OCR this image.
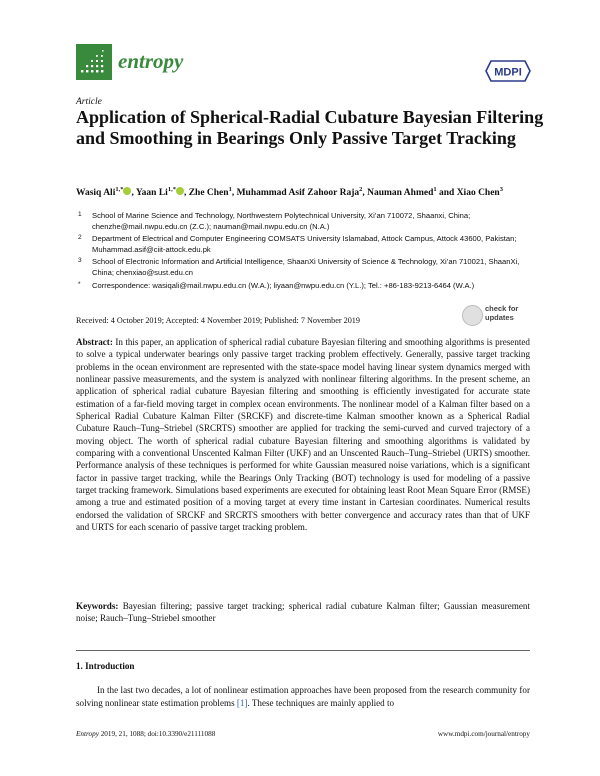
entropy	MDPI
Article
Application of Spherical-Radial Cubature Bayesian Filtering and Smoothing in Bearings Only Passive Target Tracking
Wasiq Ali$^{1,*}$ , Yaan $Li^{1,*}$ , Zhe Chen$^1$, Muhammad Asif Zahoor Raja$^2$, Nauman Ahmed$^1$ and Xiao Chen$^3$
1 School of Marine Science and Technology, Northwestern Polytechnical University, Xi’an 710072, Shaanxi, China; chenzhe@mail.nwpu.edu.cn (Z.C.); nauman@mail.nwpu.edu.cn (N.A.)
2 Department of Electrical and Computer Engineering COMSATS University Islamabad, Attock Campus, Attock 43600, Pakistan; Muhammad.asif@ciit-attock.edu.pk
3 School of Electronic Information and Artificial Intelligence, ShaanXi University of Science & Technology, Xi’an 710021, ShaanXi, China; chenxiao@sust.edu.cn
* Correspondence: wasiqali@mail.nwpu.edu.cn (W.A.); liyaan@nwpu.edu.cn (Y.L.); Tel.: +86-183-9213-6464 (W.A.)
Received: 4 October 2019; Accepted: 4 November 2019; Published: 7 November 2019
check for
updates
Abstract: In this paper, an application of spherical radial cubature Bayesian filtering and smoothing algorithms is presented to solve a typical underwater bearings only passive target tracking problem effectively. Generally, passive target tracking problems in the ocean environment are represented with the state-space model having linear system dynamics merged with nonlinear passive measurements, and the system is analyzed with nonlinear filtering algorithms. In the present scheme, an application of spherical radial cubature Bayesian filtering and smoothing is efficiently investigated for accurate state estimation of a far-field moving target in complex ocean environments. The nonlinear model of a Kalman filter based on a Spherical Radial Cubature Kalman Filter (SRCKF) and discrete-time Kalman smoother known as a Spherical Radial Cubature Rauch–Tung–Striebel (SRCRTS) smoother are applied for tracking the semi-curved and curved trajectory of a moving object. The worth of spherical radial cubature Bayesian filtering and smoothing algorithms is validated by comparing with a conventional Unscented Kalman Filter (UKF) and an Unscented Rauch–Tung–Striebel (URTS) smoother. Performance analysis of these techniques is performed for white Gaussian measured noise variations, which is a significant factor in passive target tracking, while the Bearings Only Tracking (BOT) technology is used for modeling of a passive target tracking framework. Simulations based experiments are executed for obtaining least Root Mean Square Error (RMSE) among a true and estimated position of a moving target at every time instant in Cartesian coordinates. Numerical results endorsed the validation of SRCKF and SRCRTS smoothers with better convergence and accuracy rates than that of UKF and URTS for each scenario of passive target tracking problem.
Keywords: Bayesian filtering; passive target tracking; spherical radial cubature Kalman filter; Gaussian measurement noise; Rauch–Tung–Striebel smoother
1. Introduction
In the last two decades, a lot of nonlinear estimation approaches have been proposed from the research community for solving nonlinear state estimation problems [1]. These techniques are mainly applied to
Entropy 2019, 21, 1088; doi:10.3390/e21111088	www.mdpi.com/journal/entropy
